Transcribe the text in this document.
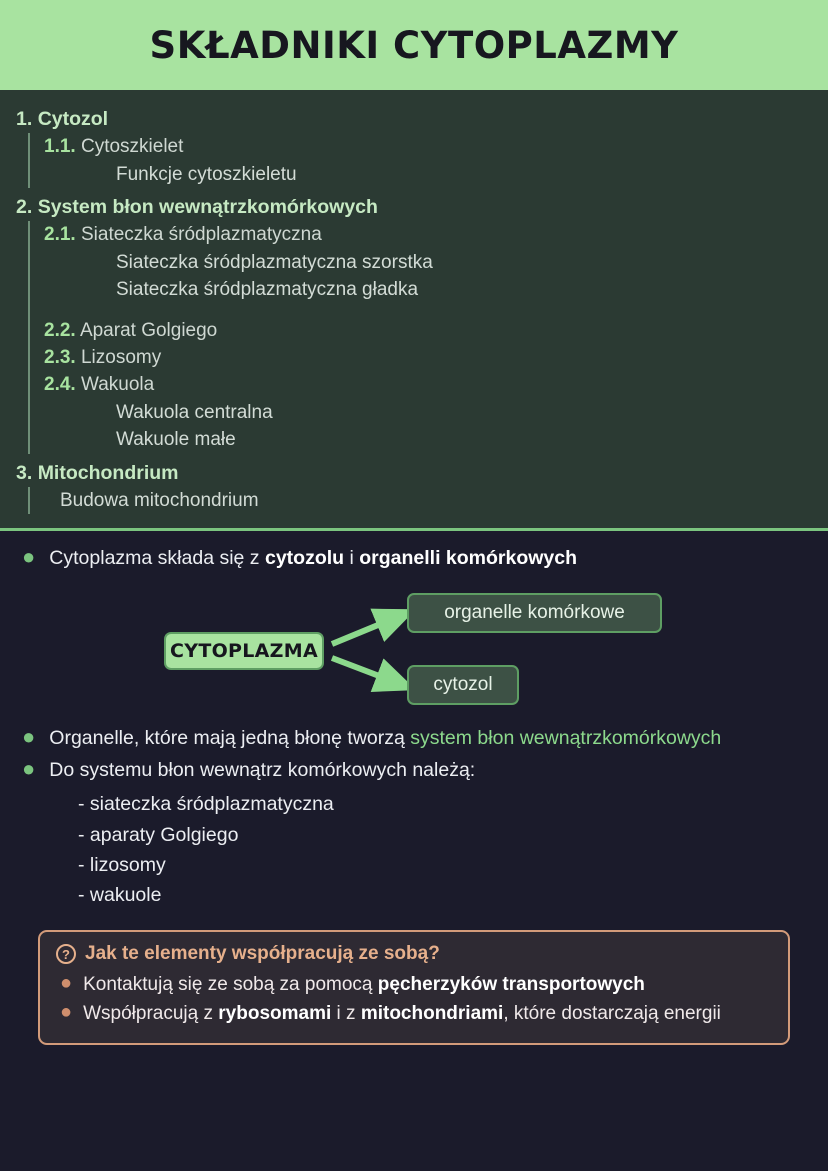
SKŁADNIKI CYTOPLAZMY
1. Cytozol
1.1. Cytoszkielet
Funkcje cytoszkieletu
2. System błon wewnątrzkomórkowych
2.1. Siateczka śródplazmatyczna
Siateczka śródplazmatyczna szorstka
Siateczka śródplazmatyczna gładka
2.2. Aparat Golgiego
2.3. Lizosomy
2.4. Wakuola
Wakuola centralna
Wakuole małe
3. Mitochondrium
Budowa mitochondrium
● Cytoplazma składa się z cytozolu i organelli komórkowych
CYTOPLAZMA
organelle komórkowe
cytozol
● Organelle, które mają jedną błonę tworzą system błon wewnątrzkomórkowych
● Do systemu błon wewnątrz komórkowych należą:
- siateczka śródplazmatyczna
- aparaty Golgiego
- lizosomy
- wakuole
? Jak te elementy współpracują ze sobą?
● Kontaktują się ze sobą za pomocą pęcherzyków transportowych
● Współpracują z rybosomami i z mitochondriami, które dostarczają energii
